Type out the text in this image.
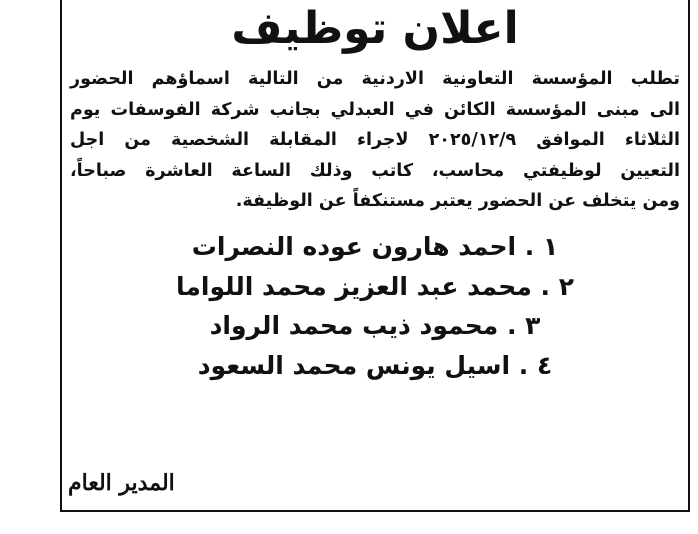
اعلان توظيف
تطلب المؤسسة التعاونية الاردنية من التالية اسماؤهم الحضور
الى مبنى المؤسسة الكائن في العبدلي بجانب شركة الفوسفات يوم
الثلاثاء الموافق ٢٠٢٥/١٢/٩ لاجراء المقابلة الشخصية من اجل
التعيين لوظيفتي محاسب، كاتب وذلك الساعة العاشرة صباحاً،
ومن يتخلف عن الحضور يعتبر مستنكفاً عن الوظيفة.
١ . احمد هارون عوده النصرات
٢ . محمد عبد العزيز محمد اللواما
٣ . محمود ذيب محمد الرواد
٤ . اسيل يونس محمد السعود
المدير العام
